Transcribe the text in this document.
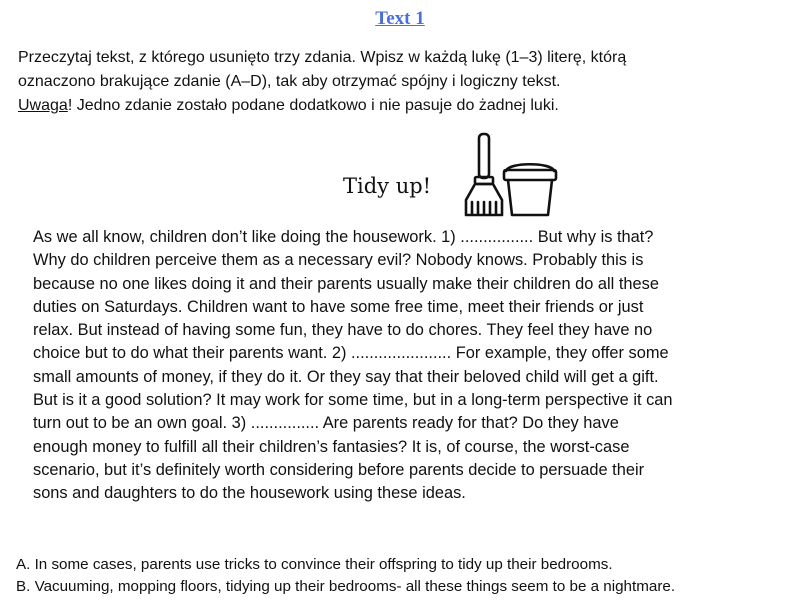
Text 1

Przeczytaj tekst, z którego usunięto trzy zdania. Wpisz w każdą lukę (1–3) literę, którą

oznaczono brakujące zdanie (A–D), tak aby otrzymać spójny i logiczny tekst.

Uwaga! Jedno zdanie zostało podane dodatkowo i nie pasuje do żadnej luki.

Tidy up!

As we all know, children don’t like doing the housework. 1) ................ But why is that?

Why do children perceive them as a necessary evil? Nobody knows. Probably this is

because no one likes doing it and their parents usually make their children do all these

duties on Saturdays. Children want to have some free time, meet their friends or just

relax. But instead of having some fun, they have to do chores. They feel they have no

choice but to do what their parents want. 2) ...................... For example, they offer some

small amounts of money, if they do it. Or they say that their beloved child will get a gift.

But is it a good solution? It may work for some time, but in a long-term perspective it can

turn out to be an own goal. 3) ............... Are parents ready for that? Do they have

enough money to fulfill all their children’s fantasies? It is, of course, the worst-case

scenario, but it’s definitely worth considering before parents decide to persuade their

sons and daughters to do the housework using these ideas.

A. In some cases, parents use tricks to convince their offspring to tidy up their bedrooms.

B. Vacuuming, mopping floors, tidying up their bedrooms- all these things seem to be a nightmare.
